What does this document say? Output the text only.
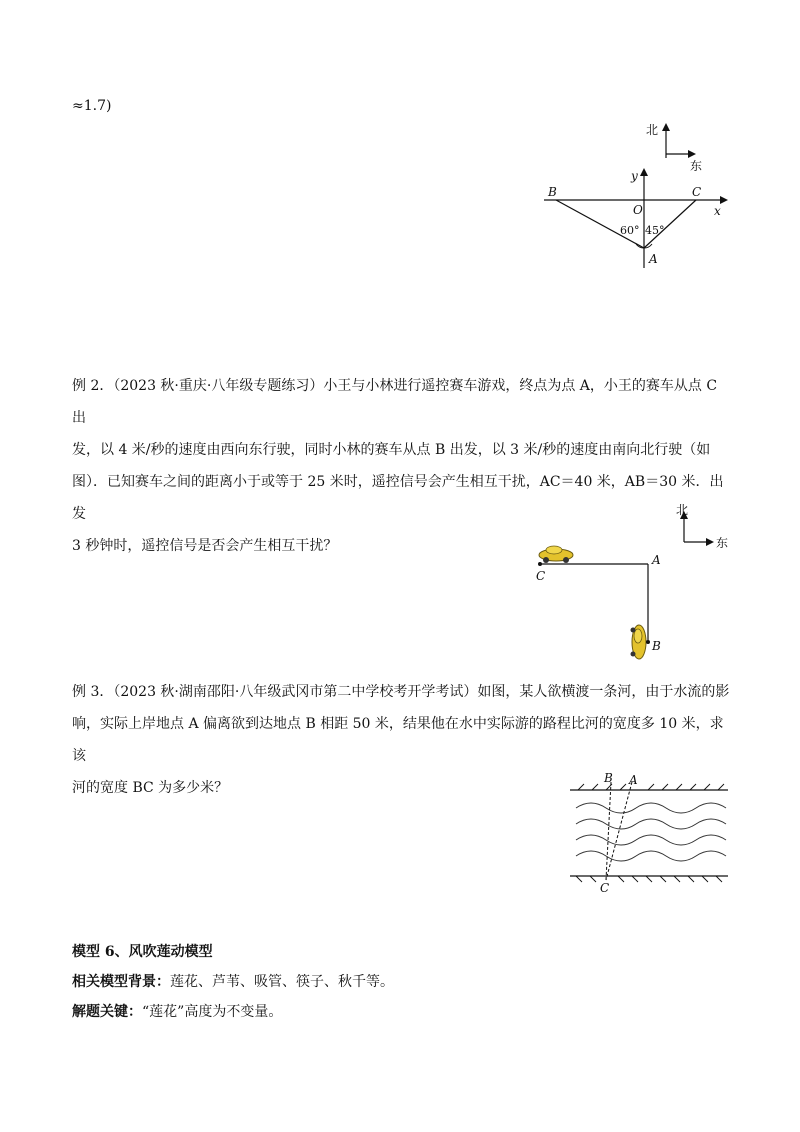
≈1.7)
北
东
y
x
B	C
O
A
60° 45°
例 2．（2023 秋·重庆·八年级专题练习）小王与小林进行遥控赛车游戏，终点为点 A，小王的赛车从点 C 出
发，以 4 米/秒的速度由西向东行驶，同时小林的赛车从点 B 出发，以 3 米/秒的速度由南向北行驶（如
图）．已知赛车之间的距离小于或等于 25 米时，遥控信号会产生相互干扰，AC＝40 米，AB＝30 米．出发
3 秒钟时，遥控信号是否会产生相互干扰？
北
东
C
A
B
例 3．（2023 秋·湖南邵阳·八年级武冈市第二中学校考开学考试）如图，某人欲横渡一条河，由于水流的影
响，实际上岸地点 A 偏离欲到达地点 B 相距 50 米，结果他在水中实际游的路程比河的宽度多 10 米，求该
河的宽度 BC 为多少米？
B A
C
模型 6、风吹莲动模型
相关模型背景：莲花、芦苇、吸管、筷子、秋千等。
解题关键：“莲花”高度为不变量。
